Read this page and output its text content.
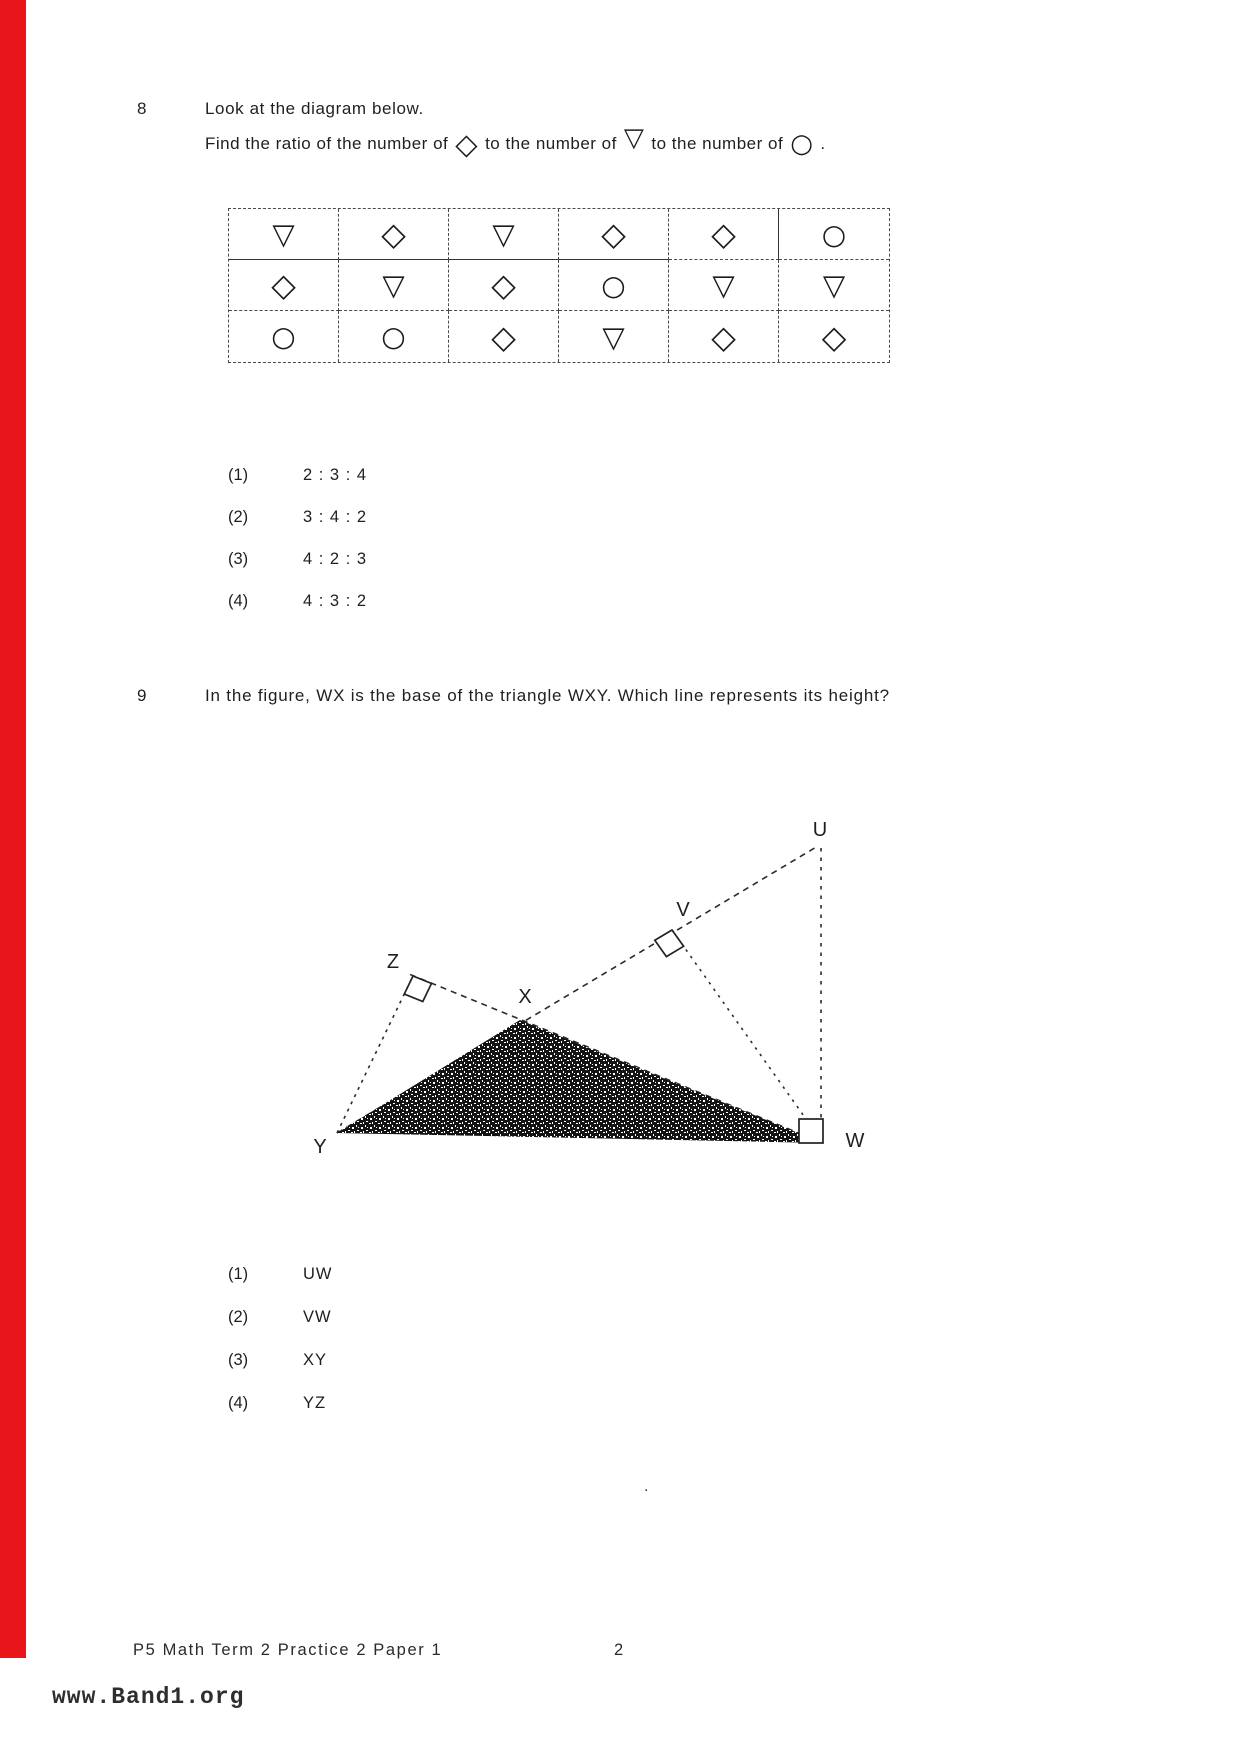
8	Look at the diagram below.
Find the ratio of the number of ◇ to the number of ▽ to the number of ○ .
▽	◇	▽	◇	◇	○
◇	▽	◇	○	▽	▽
○	○	◇	▽	◇	◇
(1)	2 : 3 : 4
(2)	3 : 4 : 2
(3)	4 : 2 : 3
(4)	4 : 3 : 2
9	In the figure, WX is the base of the triangle WXY. Which line represents its height?
U
V
X
Z
Y	W
(1)	UW
(2)	VW
(3)	XY
(4)	YZ
.
P5 Math Term 2 Practice 2 Paper 1	2
www.Band1.org
